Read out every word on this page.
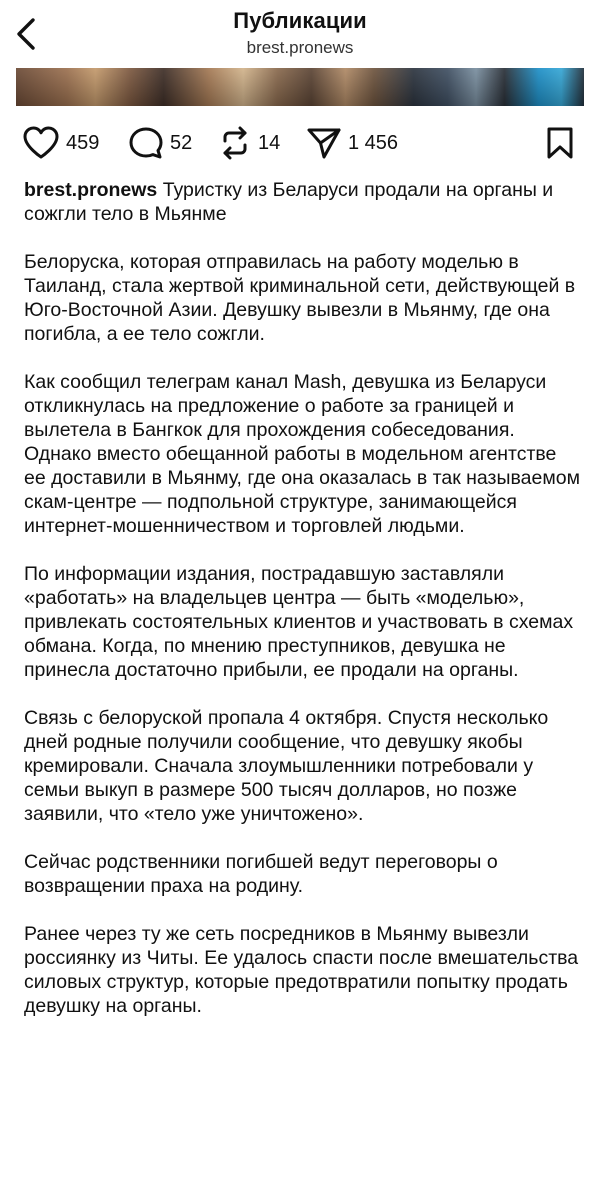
Публикации
brest.pronews
459	52	14	1 456

brest.pronews Туристку из Беларуси продали на органы и сожгли тело в Мьянме

Белоруска, которая отправилась на работу моделью в Таиланд, стала жертвой криминальной сети, действующей в Юго-Восточной Азии. Девушку вывезли в Мьянму, где она погибла, а ее тело сожгли.

Как сообщил телеграм канал Mash, девушка из Беларуси откликнулась на предложение о работе за границей и вылетела в Бангкок для прохождения собеседования. Однако вместо обещанной работы в модельном агентстве ее доставили в Мьянму, где она оказалась в так называемом скам-центре — подпольной структуре, занимающейся интернет-мошенничеством и торговлей людьми.

По информации издания, пострадавшую заставляли «работать» на владельцев центра — быть «моделью», привлекать состоятельных клиентов и участвовать в схемах обмана. Когда, по мнению преступников, девушка не принесла достаточно прибыли, ее продали на органы.

Связь с белоруской пропала 4 октября. Спустя несколько дней родные получили сообщение, что девушку якобы кремировали. Сначала злоумышленники потребовали у семьи выкуп в размере 500 тысяч долларов, но позже заявили, что «тело уже уничтожено».

Сейчас родственники погибшей ведут переговоры о возвращении праха на родину.

Ранее через ту же сеть посредников в Мьянму вывезли россиянку из Читы. Ее удалось спасти после вмешательства силовых структур, которые предотвратили попытку продать девушку на органы.
